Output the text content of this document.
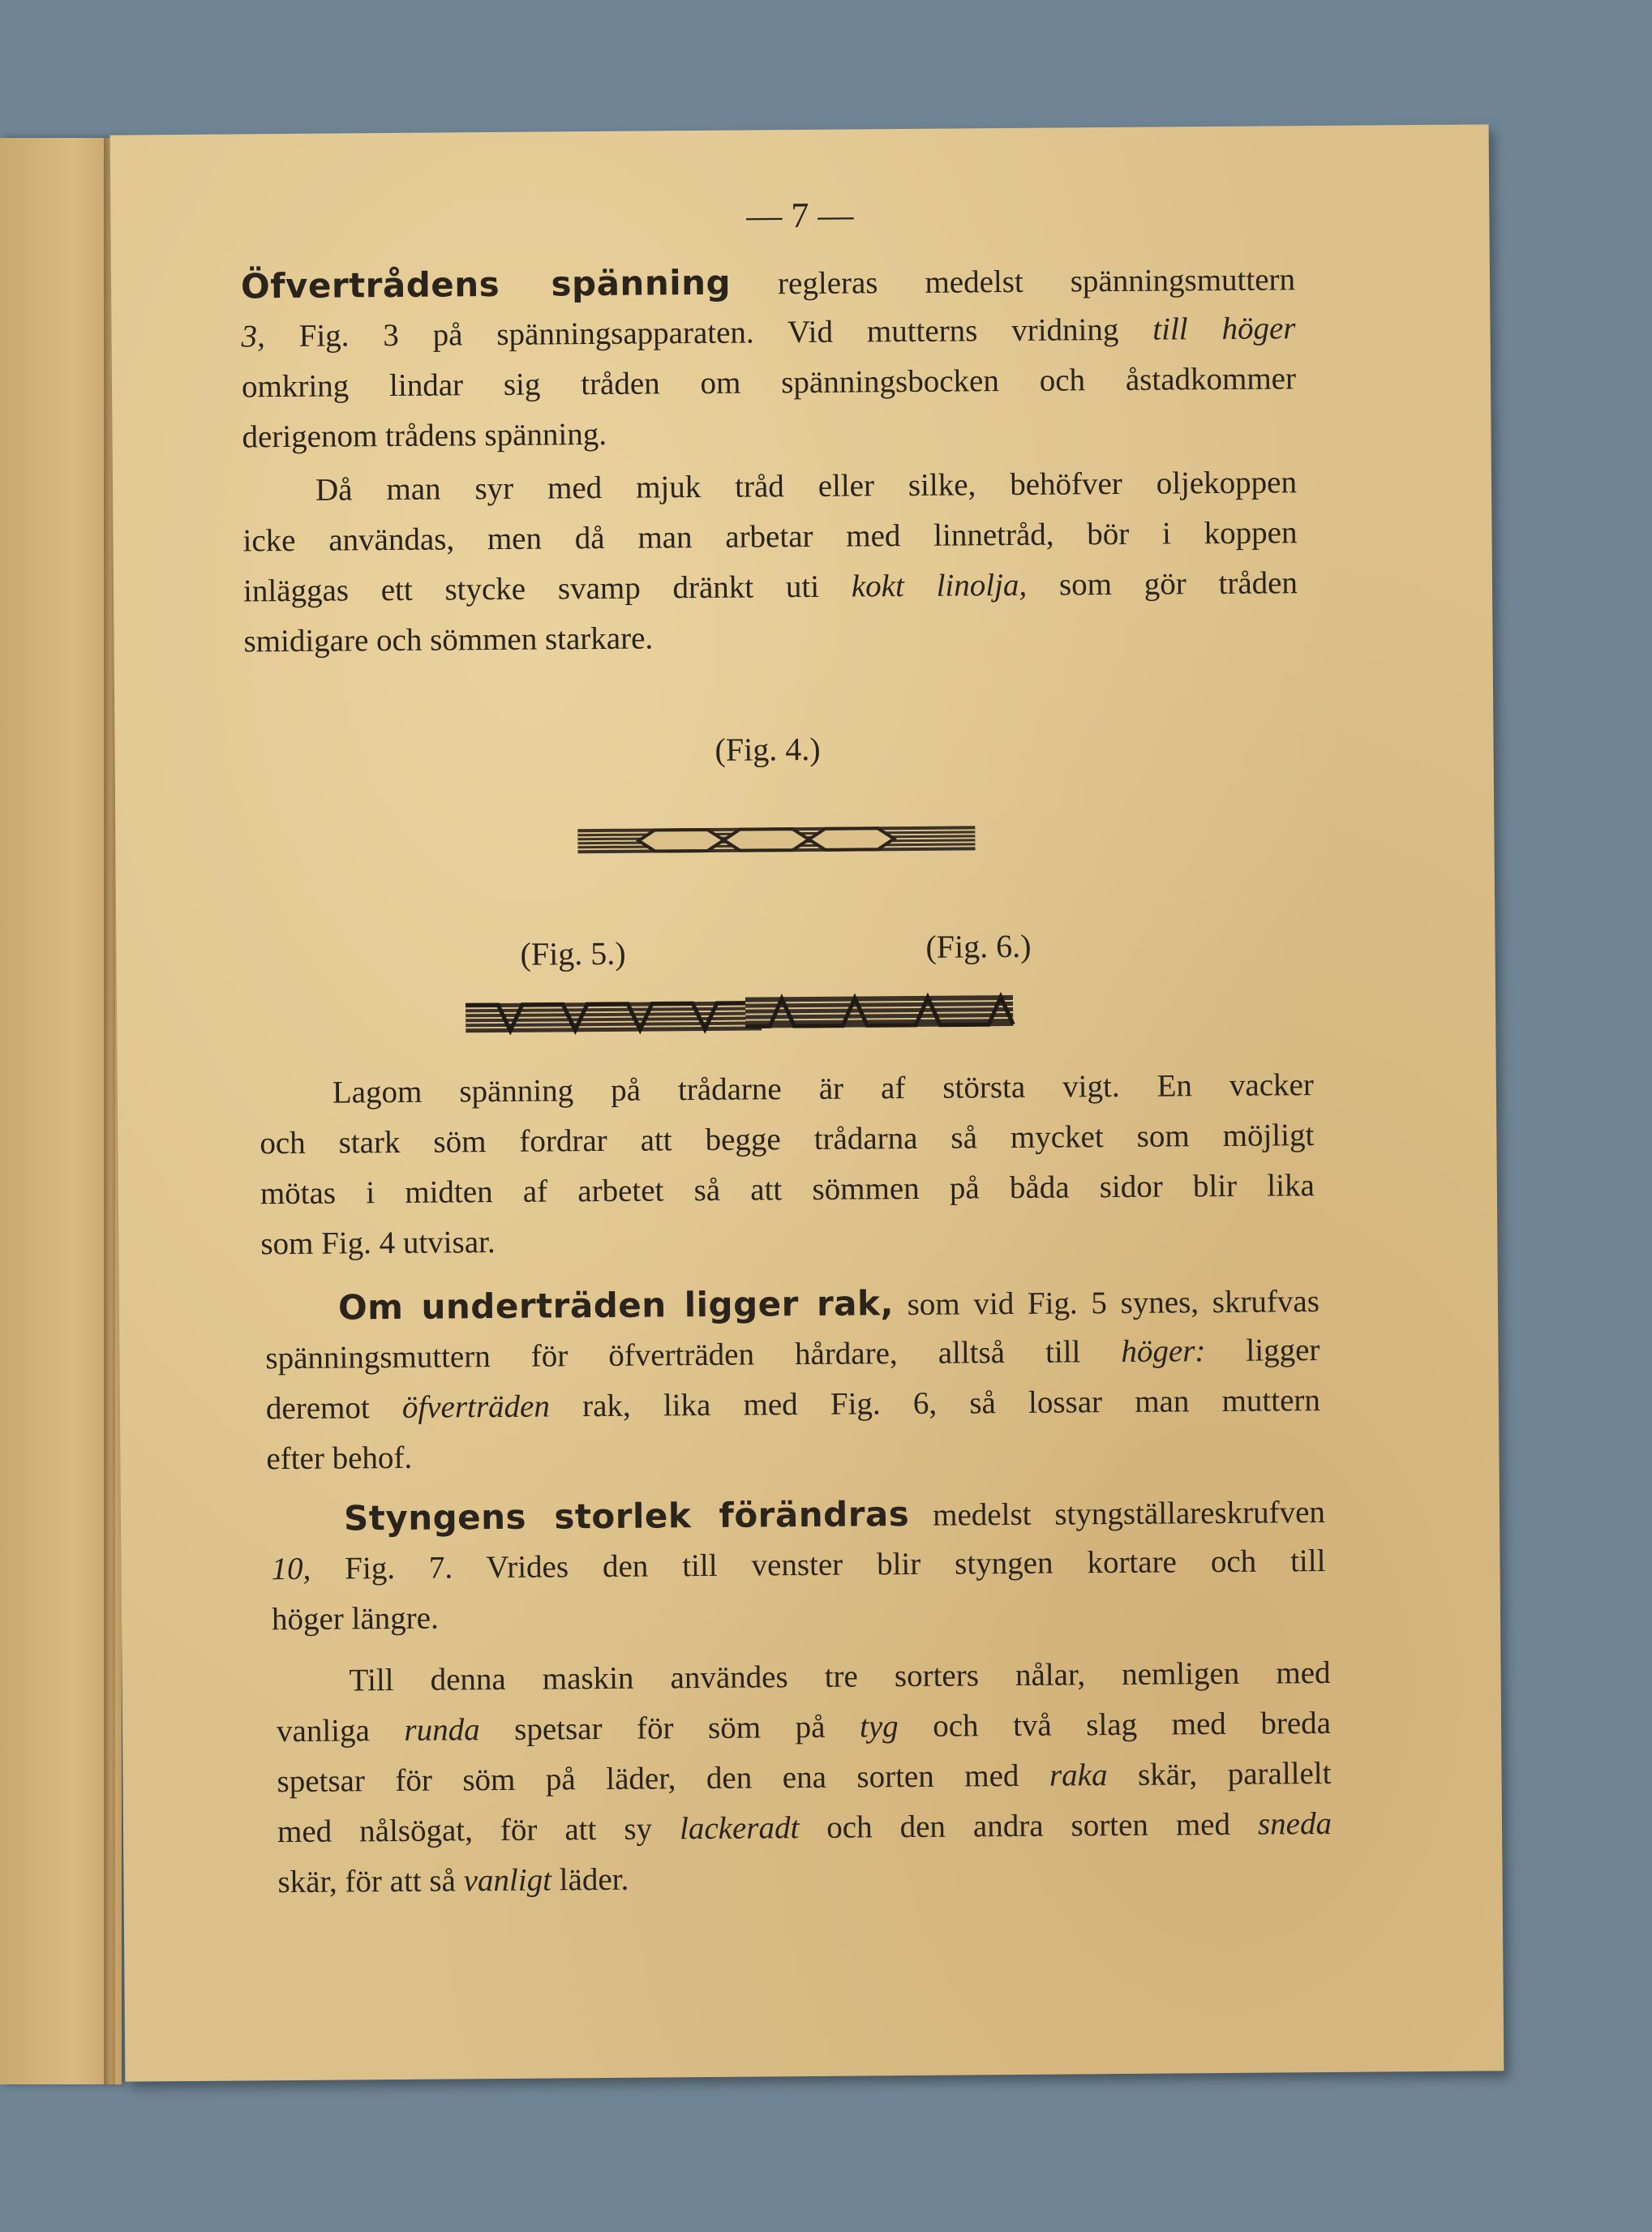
— 7 —
Öfvertrådens spänning regleras medelst spänningsmuttern
3, Fig. 3 på spänningsapparaten. Vid mutterns vridning till höger
omkring lindar sig tråden om spänningsbocken och åstadkommer
derigenom trådens spänning.
Då man syr med mjuk tråd eller silke, behöfver oljekoppen
icke användas, men då man arbetar med linnetråd, bör i koppen
inläggas ett stycke svamp dränkt uti kokt linolja, som gör tråden
smidigare och sömmen starkare.
(Fig. 4.)
(Fig. 5.)	(Fig. 6.)
Lagom spänning på trådarne är af största vigt. En vacker
och stark söm fordrar att begge trådarna så mycket som möjligt
mötas i midten af arbetet så att sömmen på båda sidor blir lika
som Fig. 4 utvisar.
Om underträden ligger rak, som vid Fig. 5 synes, skrufvas
spänningsmuttern för öfverträden hårdare, alltså till höger: ligger
deremot öfverträden rak, lika med Fig. 6, så lossar man muttern
efter behof.
Styngens storlek förändras medelst styngställareskrufven
10, Fig. 7. Vrides den till venster blir styngen kortare och till
höger längre.
Till denna maskin användes tre sorters nålar, nemligen med
vanliga runda spetsar för söm på tyg och två slag med breda
spetsar för söm på läder, den ena sorten med raka skär, parallelt
med nålsögat, för att sy lackeradt och den andra sorten med sneda
skär, för att så vanligt läder.
